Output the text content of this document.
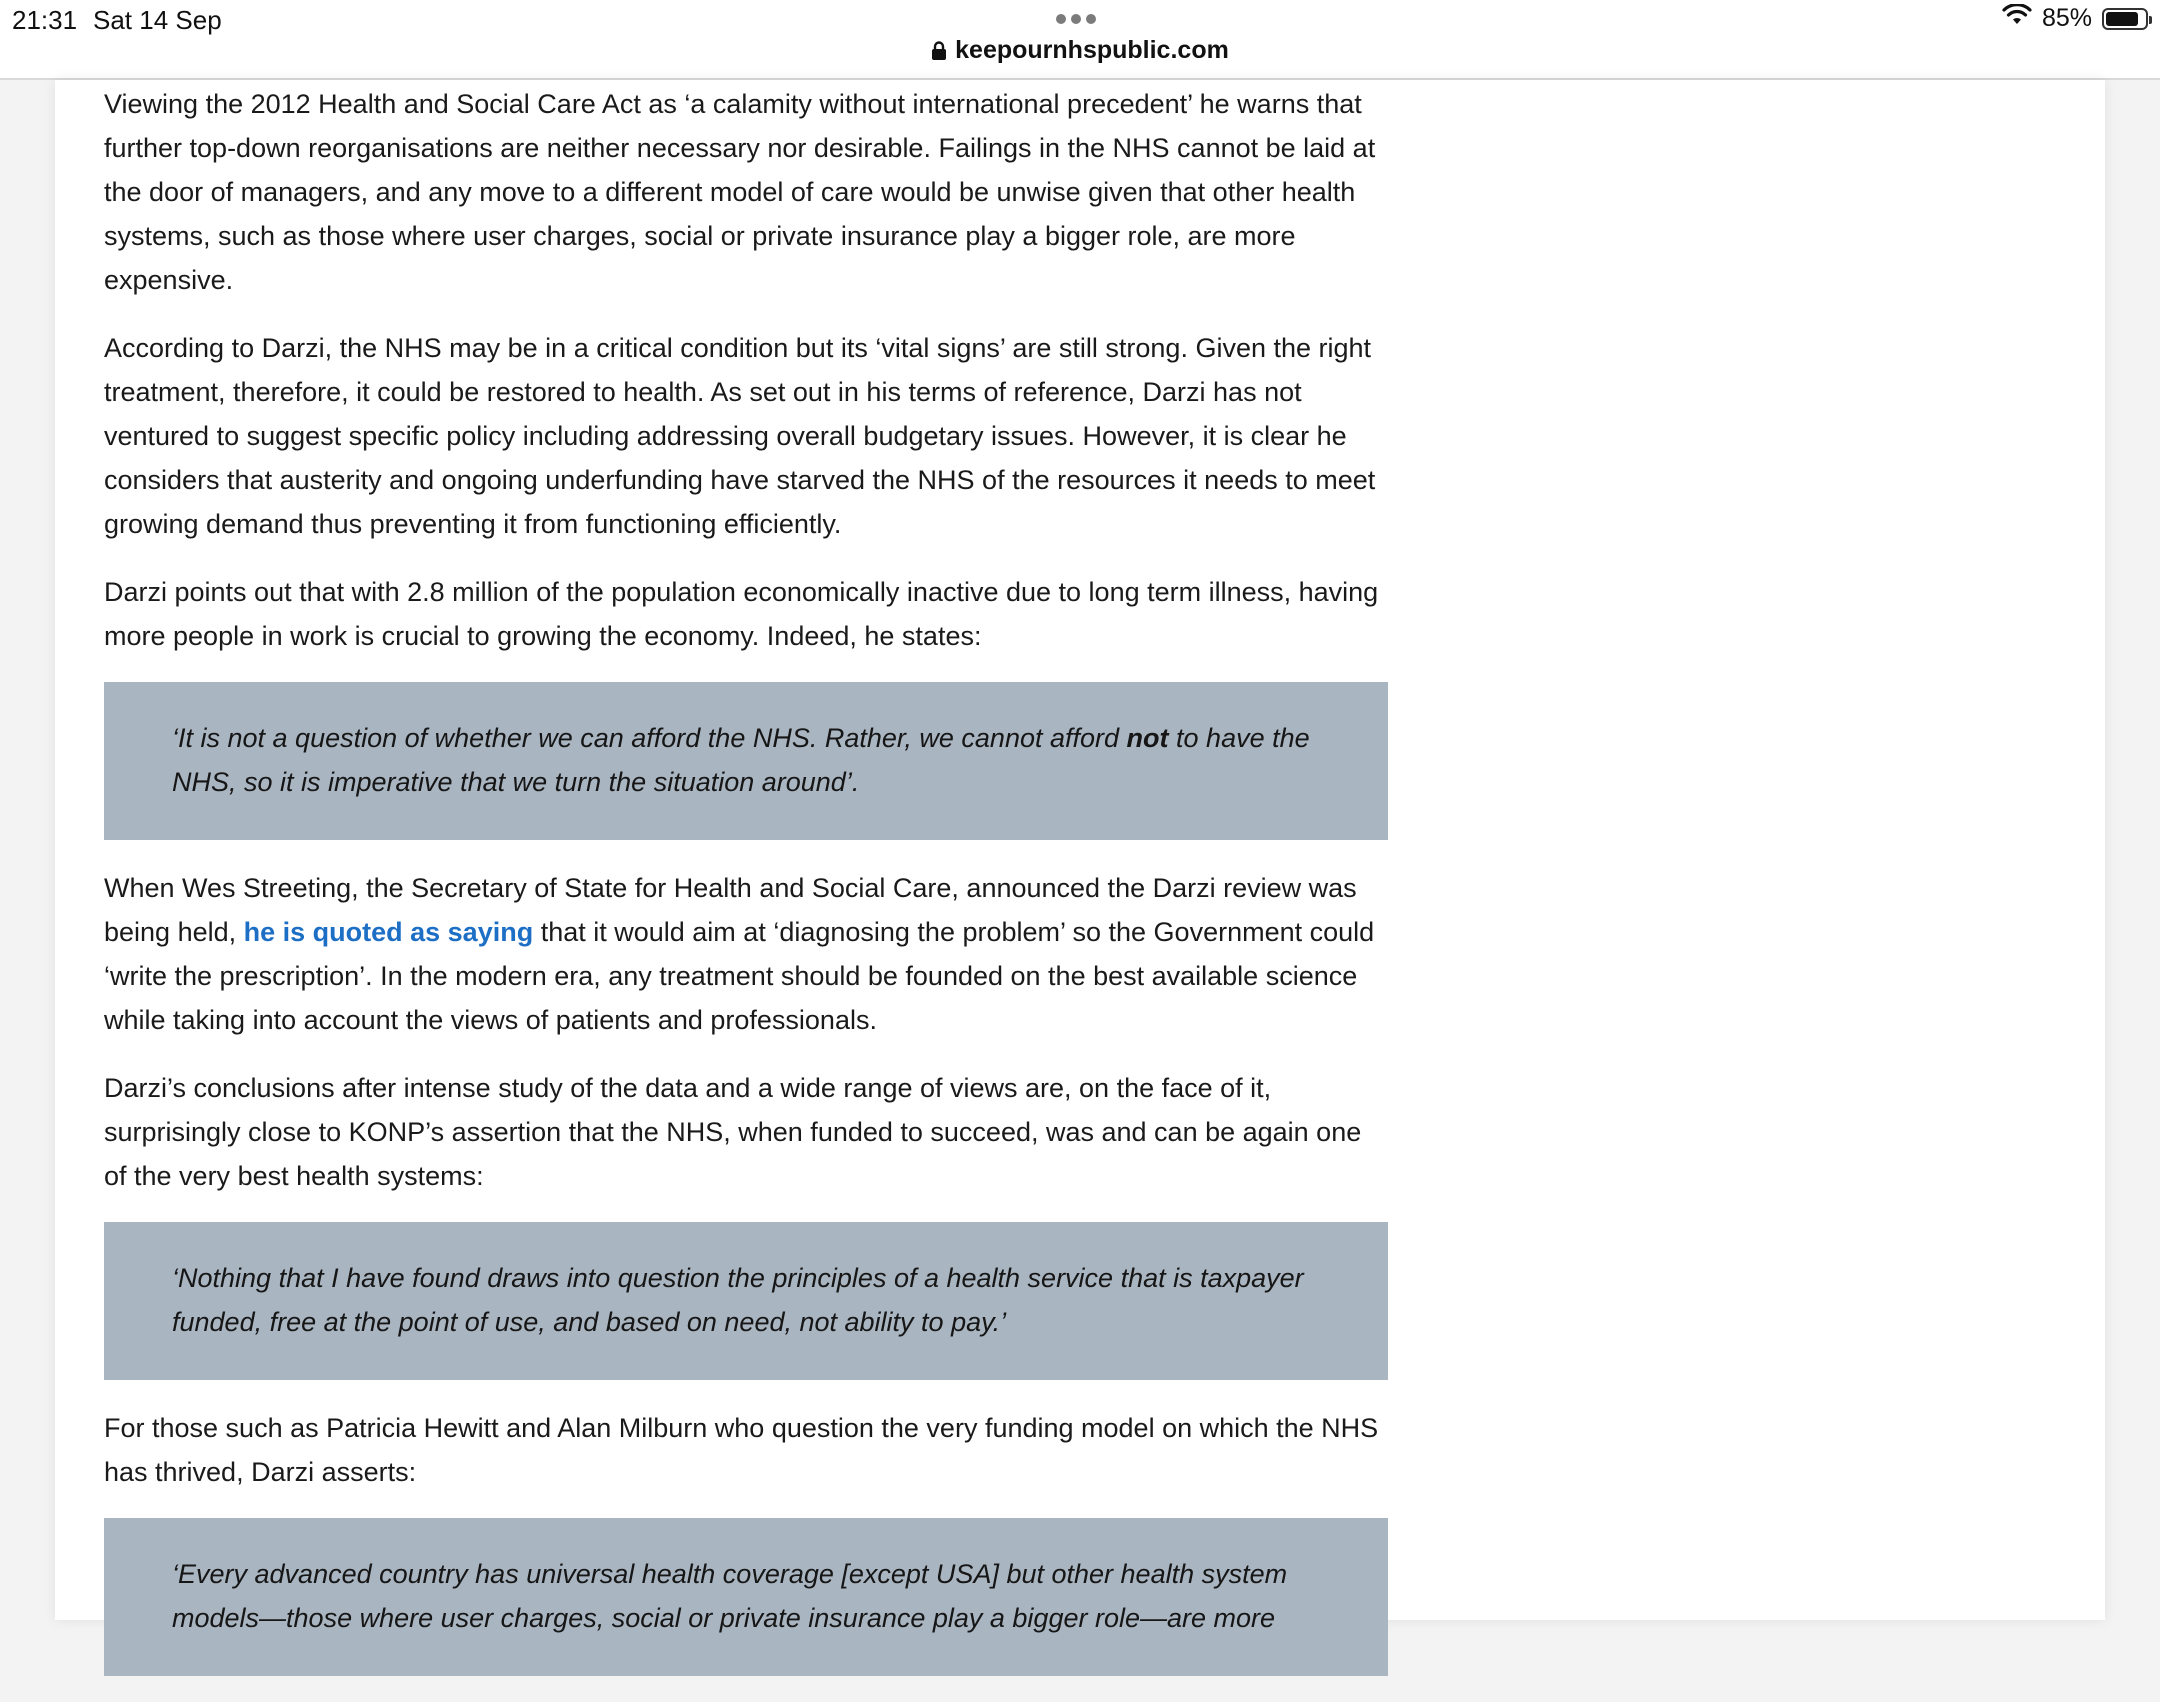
21:31 Sat 14 Sep
keepournhspublic.com
85%

Viewing the 2012 Health and Social Care Act as ‘a calamity without international precedent’ he warns that further top-down reorganisations are neither necessary nor desirable. Failings in the NHS cannot be laid at the door of managers, and any move to a different model of care would be unwise given that other health systems, such as those where user charges, social or private insurance play a bigger role, are more expensive.

According to Darzi, the NHS may be in a critical condition but its ‘vital signs’ are still strong. Given the right treatment, therefore, it could be restored to health. As set out in his terms of reference, Darzi has not ventured to suggest specific policy including addressing overall budgetary issues. However, it is clear he considers that austerity and ongoing underfunding have starved the NHS of the resources it needs to meet growing demand thus preventing it from functioning efficiently.

Darzi points out that with 2.8 million of the population economically inactive due to long term illness, having more people in work is crucial to growing the economy. Indeed, he states:

‘It is not a question of whether we can afford the NHS. Rather, we cannot afford not to have the NHS, so it is imperative that we turn the situation around’.

When Wes Streeting, the Secretary of State for Health and Social Care, announced the Darzi review was being held, he is quoted as saying that it would aim at ‘diagnosing the problem’ so the Government could ‘write the prescription’. In the modern era, any treatment should be founded on the best available science while taking into account the views of patients and professionals.

Darzi’s conclusions after intense study of the data and a wide range of views are, on the face of it, surprisingly close to KONP’s assertion that the NHS, when funded to succeed, was and can be again one of the very best health systems:

‘Nothing that I have found draws into question the principles of a health service that is taxpayer funded, free at the point of use, and based on need, not ability to pay.’

For those such as Patricia Hewitt and Alan Milburn who question the very funding model on which the NHS has thrived, Darzi asserts:

‘Every advanced country has universal health coverage [except USA] but other health system models—those where user charges, social or private insurance play a bigger role—are more
